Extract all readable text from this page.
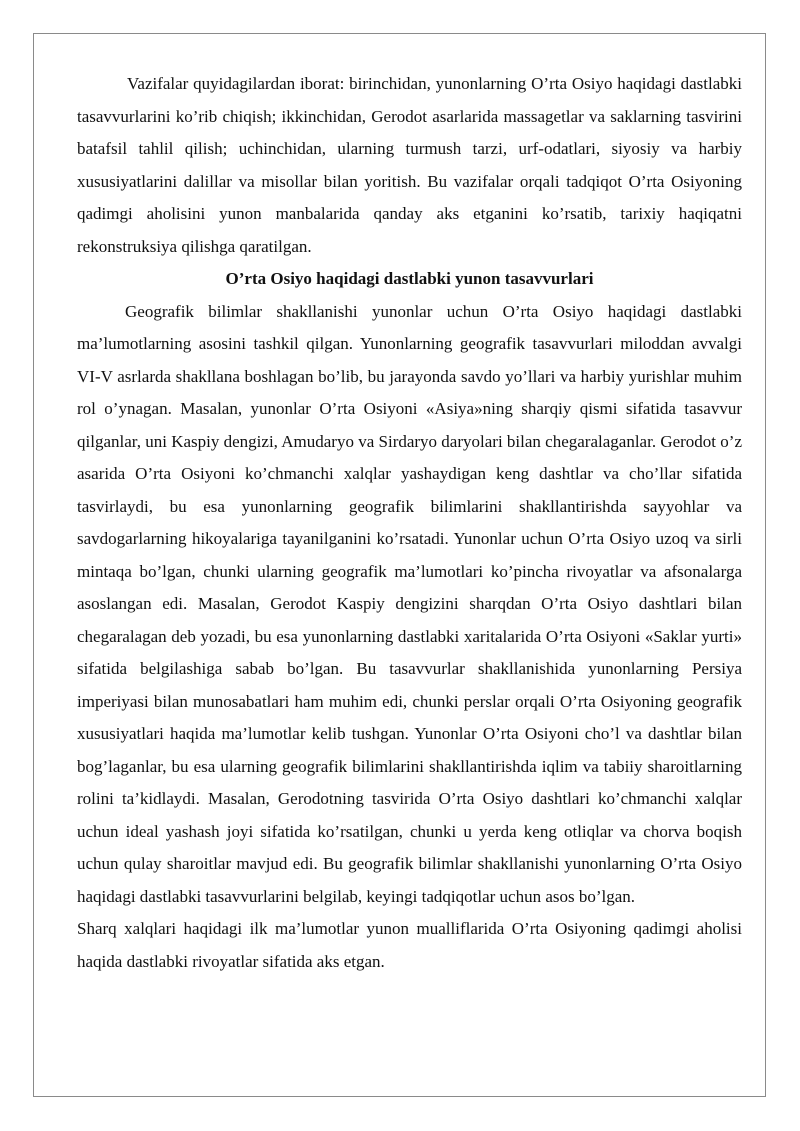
Vazifalar quyidagilardan iborat: birinchidan, yunonlarning O’rta Osiyo haqidagi dastlabki tasavvurlarini ko’rib chiqish; ikkinchidan, Gerodot asarlarida massagetlar va saklarning tasvirini batafsil tahlil qilish; uchinchidan, ularning turmush tarzi, urf-odatlari, siyosiy va harbiy xususiyatlarini dalillar va misollar bilan yoritish. Bu vazifalar orqali tadqiqot O’rta Osiyoning qadimgi aholisini yunon manbalarida qanday aks etganini ko’rsatib, tarixiy haqiqatni rekonstruksiya qilishga qaratilgan.

O’rta Osiyo haqidagi dastlabki yunon tasavvurlari

Geografik bilimlar shakllanishi yunonlar uchun O’rta Osiyo haqidagi dastlabki ma’lumotlarning asosini tashkil qilgan. Yunonlarning geografik tasavvurlari miloddan avvalgi VI-V asrlarda shakllana boshlagan bo’lib, bu jarayonda savdo yo’llari va harbiy yurishlar muhim rol o’ynagan. Masalan, yunonlar O’rta Osiyoni «Asiya»ning sharqiy qismi sifatida tasavvur qilganlar, uni Kaspiy dengizi, Amudaryo va Sirdaryo daryolari bilan chegaralaganlar. Gerodot o’z asarida O’rta Osiyoni ko’chmanchi xalqlar yashaydigan keng dashtlar va cho’llar sifatida tasvirlaydi, bu esa yunonlarning geografik bilimlarini shakllantirishda sayyohlar va savdogarlarning hikoyalariga tayanilganini ko’rsatadi. Yunonlar uchun O’rta Osiyo uzoq va sirli mintaqa bo’lgan, chunki ularning geografik ma’lumotlari ko’pincha rivoyatlar va afsonalarga asoslangan edi. Masalan, Gerodot Kaspiy dengizini sharqdan O’rta Osiyo dashtlari bilan chegaralagan deb yozadi, bu esa yunonlarning dastlabki xaritalarida O’rta Osiyoni «Saklar yurti» sifatida belgilashiga sabab bo’lgan. Bu tasavvurlar shakllanishida yunonlarning Persiya imperiyasi bilan munosabatlari ham muhim edi, chunki perslar orqali O’rta Osiyoning geografik xususiyatlari haqida ma’lumotlar kelib tushgan. Yunonlar O’rta Osiyoni cho’l va dashtlar bilan bog’laganlar, bu esa ularning geografik bilimlarini shakllantirishda iqlim va tabiiy sharoitlarning rolini ta’kidlaydi. Masalan, Gerodotning tasvirida O’rta Osiyo dashtlari ko’chmanchi xalqlar uchun ideal yashash joyi sifatida ko’rsatilgan, chunki u yerda keng otliqlar va chorva boqish uchun qulay sharoitlar mavjud edi. Bu geografik bilimlar shakllanishi yunonlarning O’rta Osiyo haqidagi dastlabki tasavvurlarini belgilab, keyingi tadqiqotlar uchun asos bo’lgan.

Sharq xalqlari haqidagi ilk ma’lumotlar yunon mualliflarida O’rta Osiyoning qadimgi aholisi haqida dastlabki rivoyatlar sifatida aks etgan.
